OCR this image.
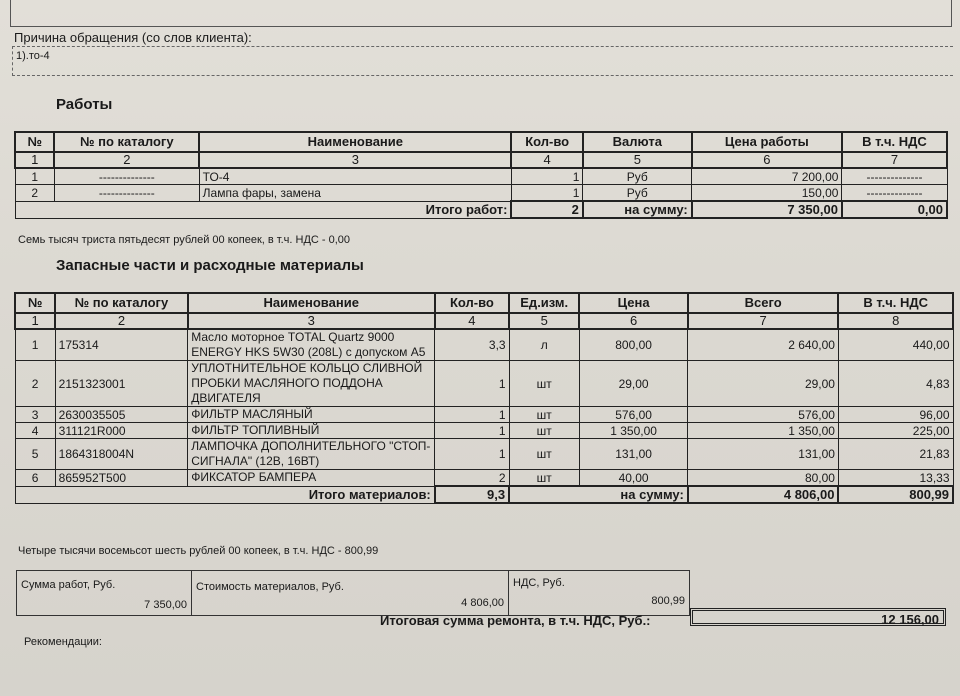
Причина обращения (со слов клиента):
1).то-4
Работы
№	№ по каталогу	Наименование	Кол-во	Валюта	Цена работы	В т.ч. НДС
1	2	3	4	5	6	7
1	--------------	ТО-4	1	Руб	7 200,00	--------------
2	--------------	Лампа фары, замена	1	Руб	150,00	--------------
Итого работ:			2	на сумму:	7 350,00	0,00
Семь тысяч триста пятьдесят рублей 00 копеек, в т.ч. НДС - 0,00
Запасные части и расходные материалы
№	№ по каталогу	Наименование	Кол-во	Ед.изм.	Цена	Всего	В т.ч. НДС
1	2	3	4	5	6	7	8
1	175314	Масло моторное TOTAL Quartz 9000 ENERGY HKS 5W30 (208L) с допуском А5	3,3	л	800,00	2 640,00	440,00
2	2151323001	УПЛОТНИТЕЛЬНОЕ КОЛЬЦО СЛИВНОЙ ПРОБКИ МАСЛЯНОГО ПОДДОНА ДВИГАТЕЛЯ	1	шт	29,00	29,00	4,83
3	2630035505	ФИЛЬТР МАСЛЯНЫЙ	1	шт	576,00	576,00	96,00
4	311121R000	ФИЛЬТР ТОПЛИВНЫЙ	1	шт	1 350,00	1 350,00	225,00
5	1864318004N	ЛАМПОЧКА ДОПОЛНИТЕЛЬНОГО "СТОП-СИГНАЛА" (12В, 16ВТ)	1	шт	131,00	131,00	21,83
6	865952T500	ФИКСАТОР БАМПЕРА	2	шт	40,00	80,00	13,33
Итого материалов:			9,3	на сумму:		4 806,00	800,99
Четыре тысячи восемьсот шесть рублей 00 копеек, в т.ч. НДС - 800,99
Сумма работ, Руб.
7 350,00
Стоимость материалов, Руб.
4 806,00
НДС, Руб.
800,99
Итоговая сумма ремонта, в т.ч. НДС, Руб.:	12 156,00
Рекомендации:
